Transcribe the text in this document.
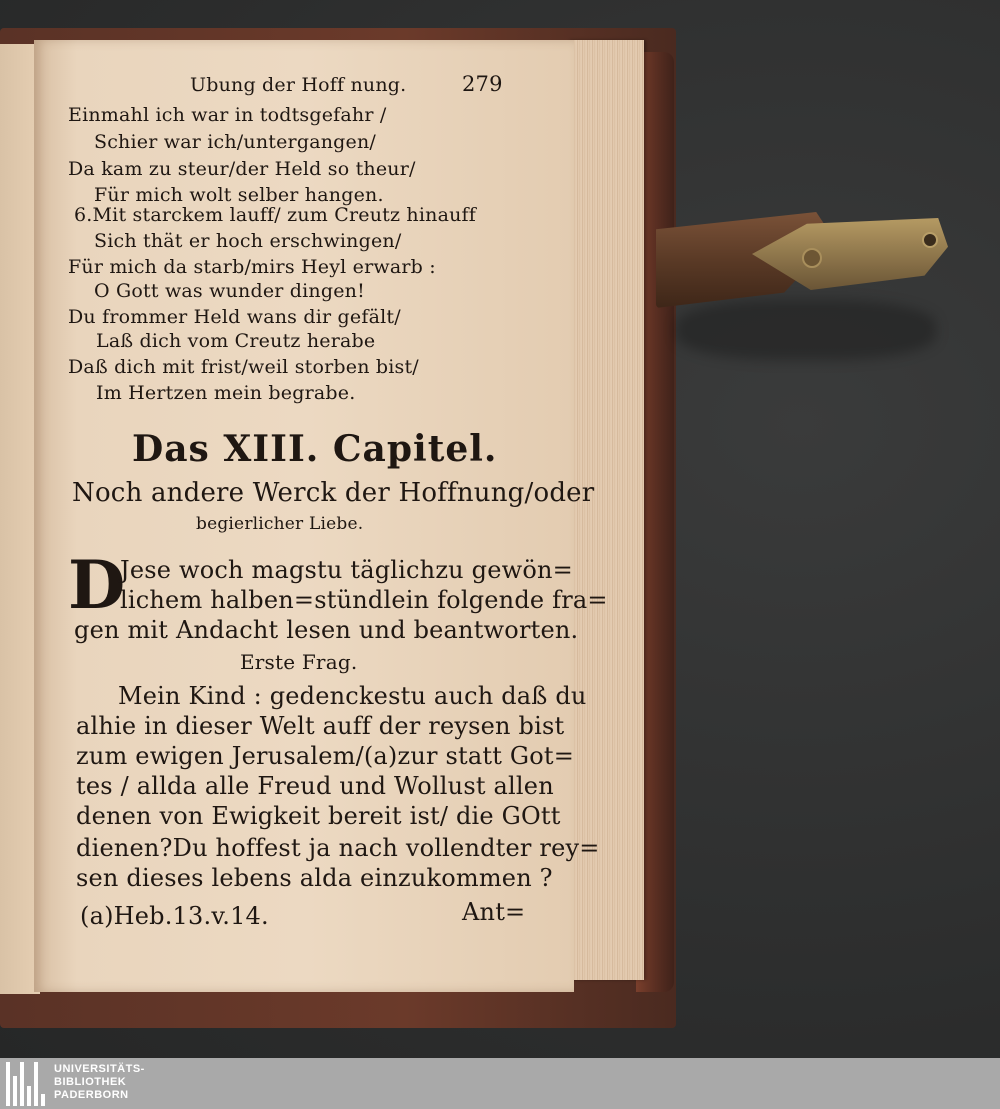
Ubung der Hoff nung.	279
Einmahl ich war in todtsgefahr /
Schier war ich/untergangen/
Da kam zu steur/der Held so theur/
Für mich wolt selber hangen.
6.Mit starckem lauff/ zum Creutz hinauff
Sich thät er hoch erschwingen/
Für mich da starb/mirs Heyl erwarb :
O Gott was wunder dingen!
Du frommer Held wans dir gefält/
Laß dich vom Creutz herabe
Daß dich mit frist/weil storben bist/
Im Hertzen mein begrabe.
Das XIII. Capitel.
Noch andere Werck der Hoffnung/oder
begierlicher Liebe.
D
Jese woch magstu täglichzu gewön=
lichem halben=stündlein folgende fra=
gen mit Andacht lesen und beantworten.
Erste Frag.
Mein Kind : gedenckestu auch daß du
alhie in dieser Welt auff der reysen bist
zum ewigen Jerusalem/(a)zur statt Got=
tes / allda alle Freud und Wollust allen
denen von Ewigkeit bereit ist/ die GOtt
dienen?Du hoffest ja nach vollendter rey=
sen dieses lebens alda einzukommen ?
(a)Heb.13.v.14.	Ant=
UNIVERSITÄTS-
BIBLIOTHEK
PADERBORN
